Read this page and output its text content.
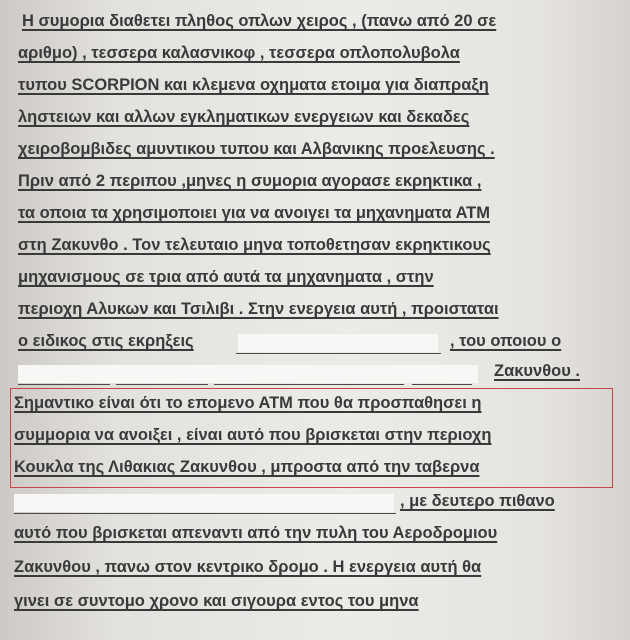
Η συμορια διαθετει πληθος οπλων χειρος , (πανω από 20 σε
αριθμο) , τεσσερα καλασνικοφ , τεσσερα οπλοπολυβολα
τυπου SCORPION και κλεμενα οχηματα ετοιμα για διαπραξη
ληστειων και αλλων εγκληματικων ενεργειων και δεκαδες
χειροβομβιδες αμυντικου τυπου και Αλβανικης προελευσης .
Πριν από 2 περιπου ,μηνες η συμορια αγορασε εκρηκτικα ,
τα οποια τα χρησιμοποιει για να ανοιγει τα μηχανηματα ΑΤΜ
στη Ζακυνθο . Τον τελευταιο μηνα τοποθετησαν εκρηκτικους
μηχανισμους σε τρια από αυτά τα μηχανηματα , στην
περιοχη Αλυκων και Τσιλιβι . Στην ενεργεια αυτή , προισταται
ο ειδικος στις εκρηξεις	, του οποιου ο
Ζακυνθου .
Σημαντικο είναι ότι το επομενο ΑΤΜ που θα προσπαθησει η
συμμορια να ανοιξει , είναι αυτό που βρισκεται στην περιοχη
Κουκλα της Λιθακιας Ζακυνθου , μπροστα από την ταβερνα
, με δευτερο πιθανο
αυτό που βρισκεται απεναντι από την πυλη του Αεροδρομιου
Ζακυνθου , πανω στον κεντρικο δρομο . Η ενεργεια αυτή θα
γινει σε συντομο χρονο και σιγουρα εντος του μηνα
